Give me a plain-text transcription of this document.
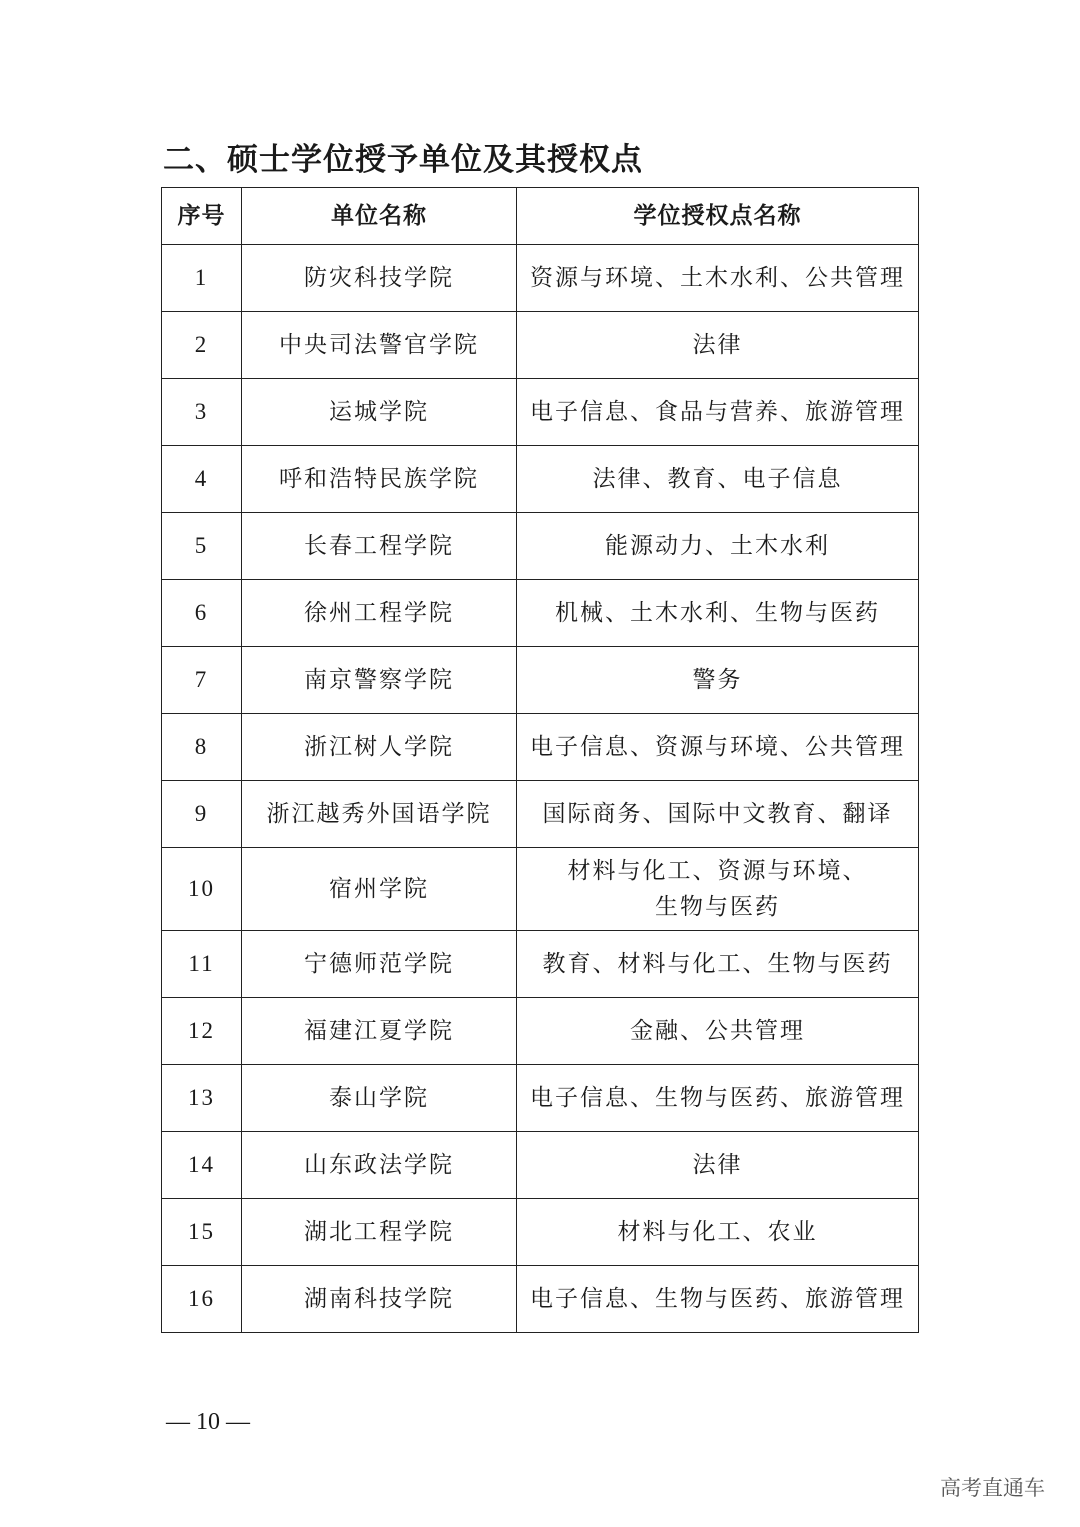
二、硕士学位授予单位及其授权点
序号	单位名称	学位授权点名称
1	防灾科技学院	资源与环境、土木水利、公共管理
2	中央司法警官学院	法律
3	运城学院	电子信息、食品与营养、旅游管理
4	呼和浩特民族学院	法律、教育、电子信息
5	长春工程学院	能源动力、土木水利
6	徐州工程学院	机械、土木水利、生物与医药
7	南京警察学院	警务
8	浙江树人学院	电子信息、资源与环境、公共管理
9	浙江越秀外国语学院	国际商务、国际中文教育、翻译
10	宿州学院	材料与化工、资源与环境、
生物与医药

11	宁德师范学院	教育、材料与化工、生物与医药
12	福建江夏学院	金融、公共管理
13	泰山学院	电子信息、生物与医药、旅游管理
14	山东政法学院	法律
15	湖北工程学院	材料与化工、农业
16	湖南科技学院	电子信息、生物与医药、旅游管理
— 10 —
高考直通车
